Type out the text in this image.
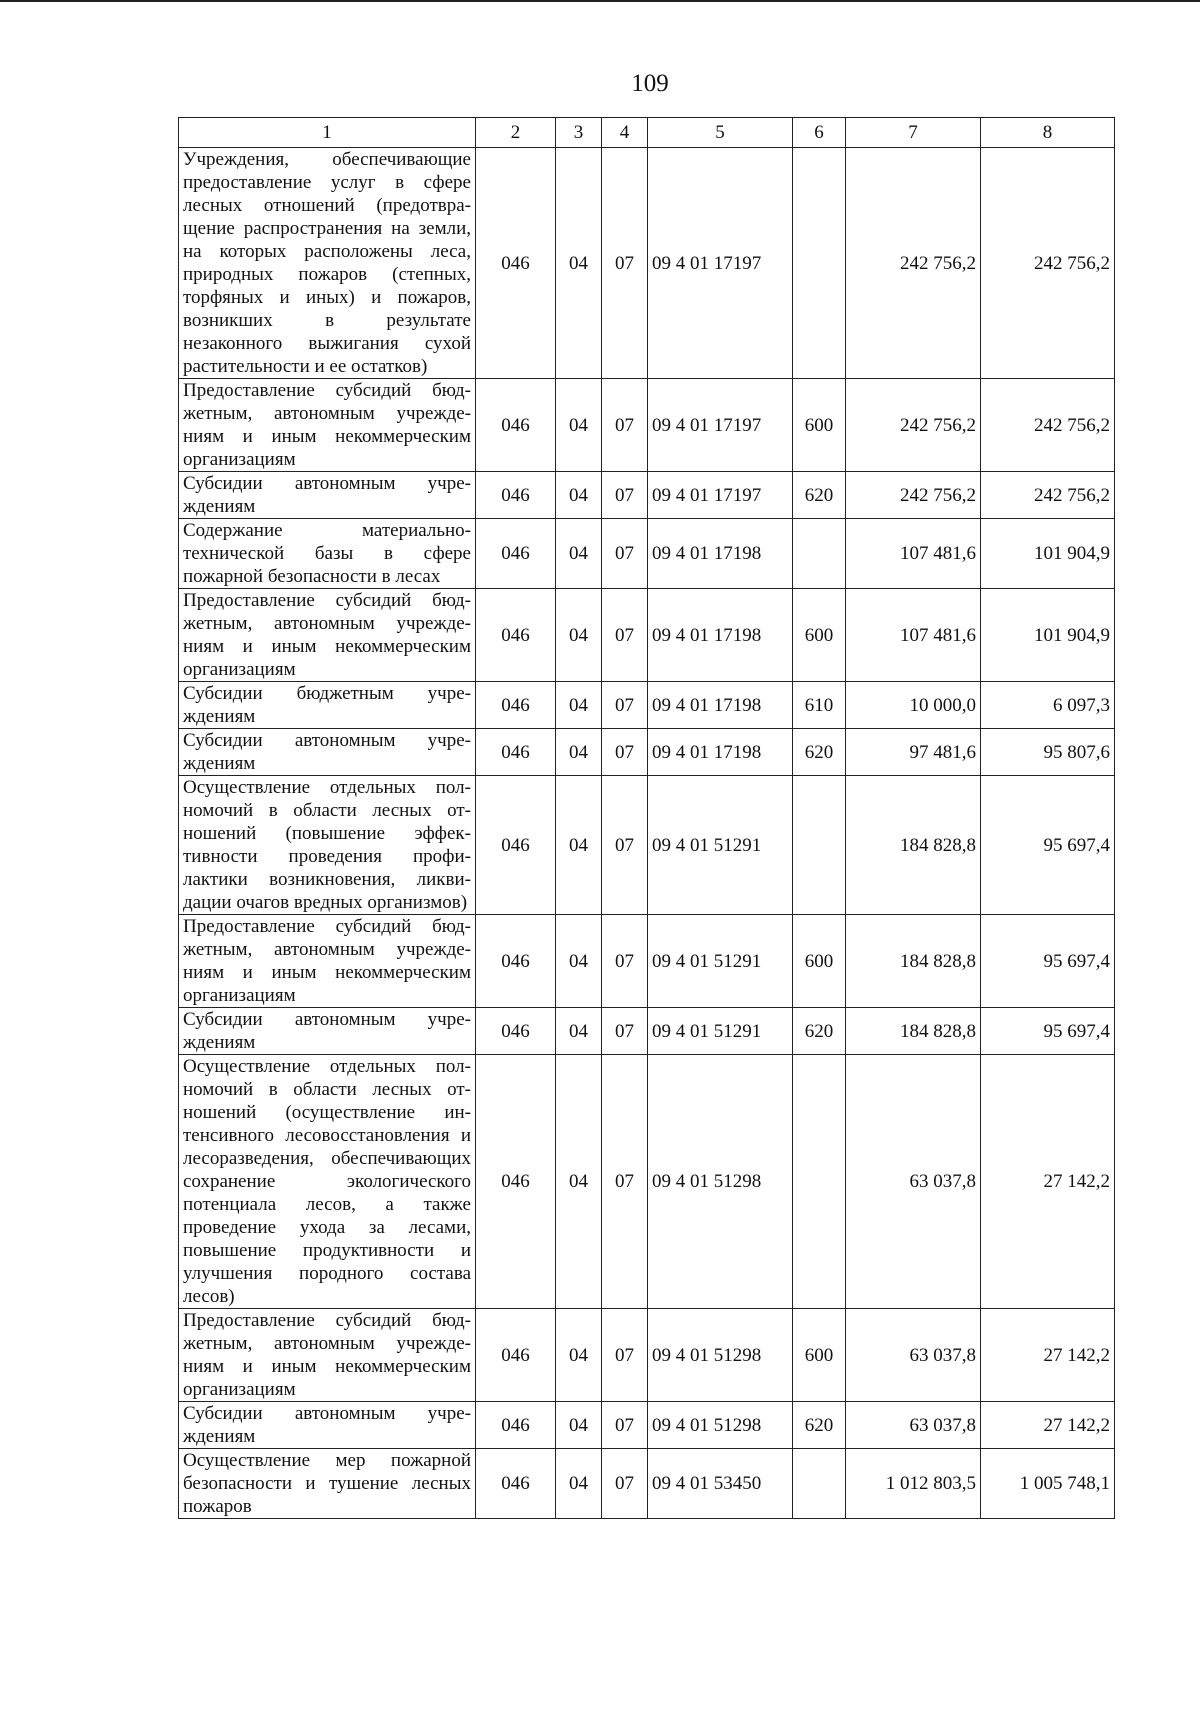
109
1	2	3	4	5	6	7	8
Учреждения, обеспечивающие предоставление услуг в сфере лесных отношений (предотвращение распространения на земли, на которых расположены леса, природных пожаров (степных, торфяных и иных) и пожаров, возникших в результате незаконного выжигания сухой растительности и ее остатков)	046	04	07	09 4 01 17197		242 756,2	242 756,2
Предоставление субсидий бюджетным, автономным учреждениям и иным некоммерческим организациям	046	04	07	09 4 01 17197	600	242 756,2	242 756,2
Субсидии автономным учреждениям	046	04	07	09 4 01 17197	620	242 756,2	242 756,2
Содержание материально-технической базы в сфере пожарной безопасности в лесах	046	04	07	09 4 01 17198		107 481,6	101 904,9
Предоставление субсидий бюджетным, автономным учреждениям и иным некоммерческим организациям	046	04	07	09 4 01 17198	600	107 481,6	101 904,9
Субсидии бюджетным учреждениям	046	04	07	09 4 01 17198	610	10 000,0	6 097,3
Субсидии автономным учреждениям	046	04	07	09 4 01 17198	620	97 481,6	95 807,6
Осуществление отдельных полномочий в области лесных отношений (повышение эффективности проведения профилактики возникновения, ликвидации очагов вредных организмов)	046	04	07	09 4 01 51291		184 828,8	95 697,4
Предоставление субсидий бюджетным, автономным учреждениям и иным некоммерческим организациям	046	04	07	09 4 01 51291	600	184 828,8	95 697,4
Субсидии автономным учреждениям	046	04	07	09 4 01 51291	620	184 828,8	95 697,4
Осуществление отдельных полномочий в области лесных отношений (осуществление интенсивного лесовосстановления и лесоразведения, обеспечивающих сохранение экологического потенциала лесов, а также проведение ухода за лесами, повышение продуктивности и улучшения породного состава лесов)	046	04	07	09 4 01 51298		63 037,8	27 142,2
Предоставление субсидий бюджетным, автономным учреждениям и иным некоммерческим организациям	046	04	07	09 4 01 51298	600	63 037,8	27 142,2
Субсидии автономным учреждениям	046	04	07	09 4 01 51298	620	63 037,8	27 142,2
Осуществление мер пожарной безопасности и тушение лесных пожаров	046	04	07	09 4 01 53450		1 012 803,5	1 005 748,1
